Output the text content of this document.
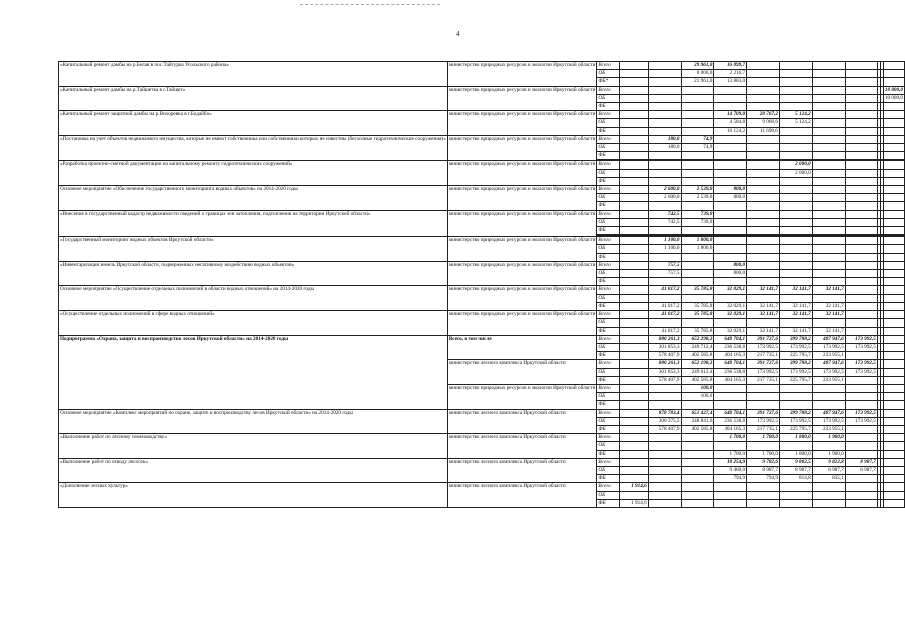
4
«Капитальный ремонт дамбы на р.Белая в пос.Тайтурка Усольского района»	министерство природных ресурсов и экологии Иркутской области	Всего			29 961,0	16 099,7							
		ОБ			8 000,0	2 216,7							
		ФБ*			21 961,0	13 883,0							
«Капитальный ремонт дамбы на р.Тайшетка в г.Тайшет»	министерство природных ресурсов и экологии Иркутской области	Всего											10 000,0
		ОБ											10 000,0
		ФБ											
«Капитальный ремонт защитной дамбы на р.Вихоревка в г.Бодайбо»	министерство природных ресурсов и экологии Иркутской области	Всего				14 709,0	20 767,2	5 124,2					
		ОБ				4 584,8	9 068,6	5 124,2					
		ФБ				10 124,2	11 698,6						
«Постановка на учет объектов недвижимого имущества, которые не имеют собственника или собственники которых не известны (бесхозные гидротехнические сооружения)»	министерство природных ресурсов и экологии Иркутской области	Всего		180,0	74,9								
		ОБ		180,0	74,9								
		ФБ											

«Разработка проектно-сметной документации по капитальному ремонту гидротехнических сооружений»	министерство природных ресурсов и экологии Иркутской области	Всего						2 000,0					
		ОБ						2 000,0					
		ФБ											
Основное мероприятие «Обеспечение государственного мониторинга водных объектов» на 2014-2020 годы	министерство природных ресурсов и экологии Иркутской области	Всего		2 600,0	2 539,0	800,0							
		ОБ		2 600,0	2 539,0	800,0							
		ФБ											
«Внесение в государственный кадастр недвижимости сведений о границах зон затопления, подтопления на территории Иркутской области»	министерство природных ресурсов и экологии Иркутской области	Всего		742,5	739,0								
		ОБ		742,5	739,0								
		ФБ											

«Государственный мониторинг водных объектов Иркутской области»	министерство природных ресурсов и экологии Иркутской области	Всего		1 100,0	1 800,0								
		ОБ		1 100,0	1 800,0								
		ФБ											
«Инвентаризация земель Иркутской области, подверженных негативному воздействию водных объектов»	министерство природных ресурсов и экологии Иркутской области	Всего		757,5		800,0							
		ОБ		757,5		800,0							
		ФБ											
Основное мероприятие «Осуществление отдельных полномочий в области водных отношений» на 2014-2020 годы	министерство природных ресурсов и экологии Иркутской области	Всего		41 017,2	35 785,8	32 029,1	32 141,7	32 141,7	32 141,7				
		ОБ											
		ФБ		41 017,2	35 785,8	32 029,1	32 141,7	32 141,7	32 141,7				
«Осуществление отдельных полномочий в сфере водных отношений»	министерство природных ресурсов и экологии Иркутской области	Всего		41 017,2	35 785,8	32 029,1	32 141,7	32 141,7	32 141,7				
		ОБ											
		ФБ		41 017,2	35 785,8	32 029,1	32 141,7	32 141,7	32 141,7				
Подпрограмма «Охрана, защита и воспроизводство лесов Иркутской области» на 2014-2020 годы	Всего, в том числе	Всего		880 261,3	652 298,2	640 704,1	391 727,6	399 788,2	407 947,6	173 992,5			
		ОБ		301 853,3	249 712,4	236 538,8	173 992,5	173 992,5	173 992,5	173 992,5			
		ФБ		578 407,9	402 585,8	404 165,3	217 735,1	225 795,7	233 955,1				
	министерство лесного комплекса Иркутской области	Всего		880 261,3	652 198,2	640 704,1	391 727,6	399 788,2	407 947,6	173 992,5			
		ОБ		301 853,3	249 612,4	236 538,8	173 992,5	173 992,5	173 992,5	173 992,5			
		ФБ		578 407,9	402 585,8	404 165,3	217 735,1	225 795,7	233 955,1				
	министерство природных ресурсов и экологии Иркутской области	Всего			100,0								
		ОБ			100,0								
		ФБ											
Основное мероприятие «Комплекс мероприятий по охране, защите и воспроизводству лесов Иркутской области» на 2014-2020 годы	министерство лесного комплекса Иркутской области	Всего		878 783,4	651 427,4	640 704,1	391 727,6	399 788,2	407 947,6	173 992,5			
		ОБ		300 375,5	248 841,6	236 538,8	173 992,5	173 992,5	173 992,5	173 992,5			
		ФБ		578 407,9	402 585,8	404 165,3	217 735,1	225 795,7	233 955,1				
«Выполнение работ по лесному семеноводству»	министерство лесного комплекса Иркутской области	Всего				1 700,0	1 700,0	1 800,0	1 900,0				
		ОБ											
		ФБ				1 700,0	1 700,0	1 800,0	1 900,0				
«Выполнение работ по отводу лесосек»	министерство лесного комплекса Иркутской области	Всего				10 254,9	9 782,6	9 802,5	9 822,8	8 987,7			
		ОБ				9 460,0	8 987,7	8 987,7	8 987,7	8 987,7			
		ФБ				794,9	794,9	814,8	835,1				
«Дополнение лесных культур»	министерство лесного комплекса Иркутской области	Всего	1 914,6										
		ОБ											
		ФБ	1 914,6										
